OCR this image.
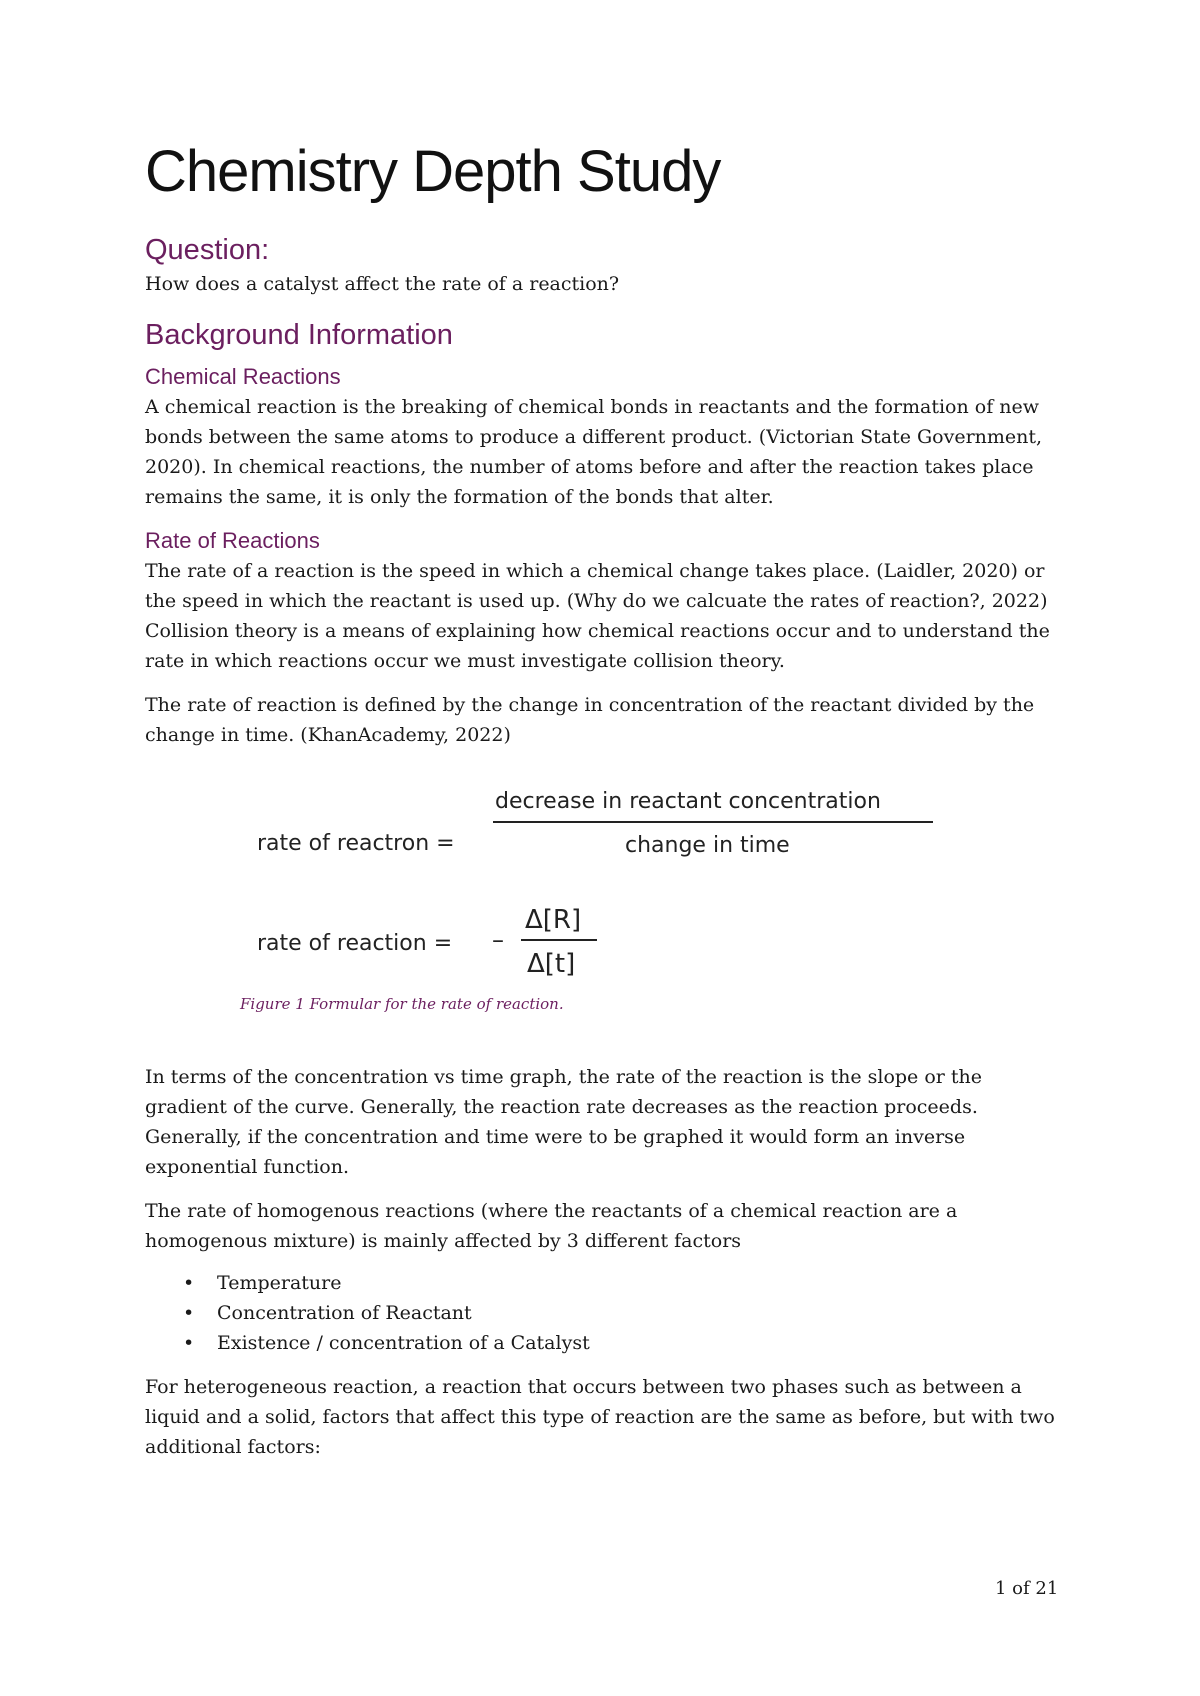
Chemistry Depth Study
Question:

How does a catalyst affect the rate of a reaction?

Background Information
Chemical Reactions

A chemical reaction is the breaking of chemical bonds in reactants and the formation of new bonds between the same atoms to produce a different product. (Victorian State Government, 2020). In chemical reactions, the number of atoms before and after the reaction takes place remains the same, it is only the formation of the bonds that alter.

Rate of Reactions

The rate of a reaction is the speed in which a chemical change takes place. (Laidler, 2020) or the speed in which the reactant is used up. (Why do we calcuate the rates of reaction?, 2022) Collision theory is a means of explaining how chemical reactions occur and to understand the rate in which reactions occur we must investigate collision theory.

The rate of reaction is defined by the change in concentration of the reactant divided by the change in time. (KhanAcademy, 2022)

rate of reactron =
decrease in reactant concentration
change in time
rate of reaction = –
Δ[R]
Δ[t]
Figure 1 Formular for the rate of reaction.

In terms of the concentration vs time graph, the rate of the reaction is the slope or the gradient of the curve. Generally, the reaction rate decreases as the reaction proceeds. Generally, if the concentration and time were to be graphed it would form an inverse exponential function.

The rate of homogenous reactions (where the reactants of a chemical reaction are a homogenous mixture) is mainly affected by 3 different factors

• Temperature
• Concentration of Reactant
• Existence / concentration of a Catalyst

For heterogeneous reaction, a reaction that occurs between two phases such as between a liquid and a solid, factors that affect this type of reaction are the same as before, but with two additional factors:

1 of 21
